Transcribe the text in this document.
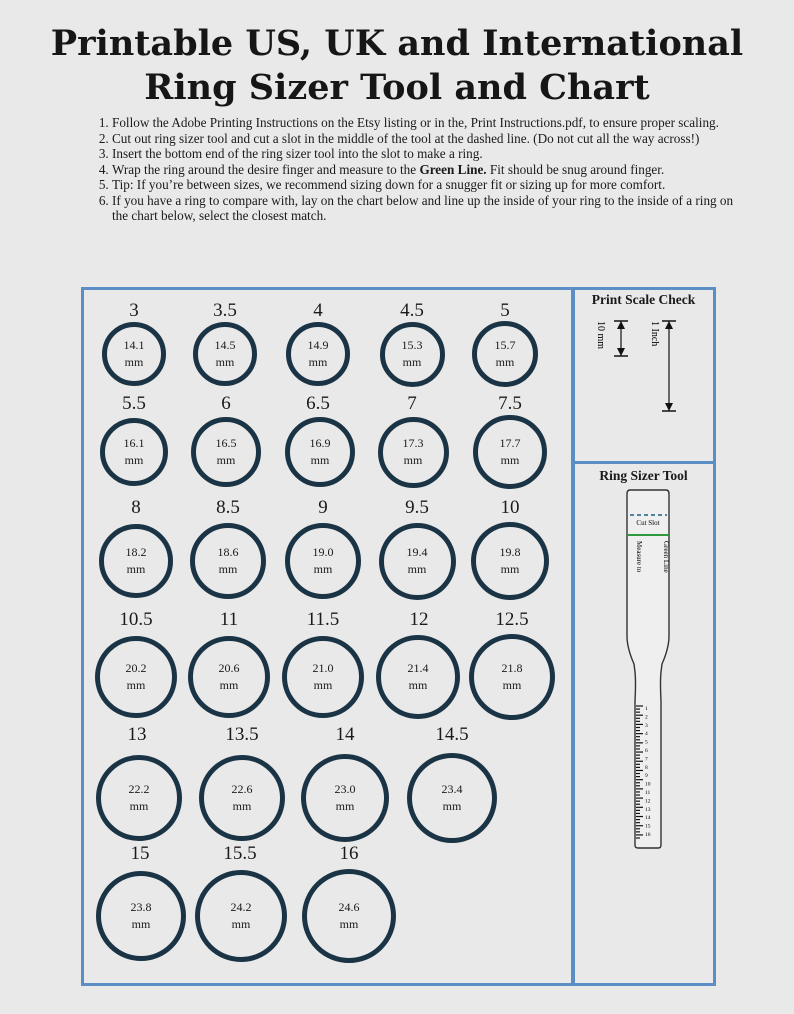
Printable US, UK and International Ring Sizer Tool and Chart
1. Follow the Adobe Printing Instructions on the Etsy listing or in the, Print Instructions.pdf, to ensure proper scaling.
2. Cut out ring sizer tool and cut a slot in the middle of the tool at the dashed line. (Do not cut all the way across!)
3. Insert the bottom end of the ring sizer tool into the slot to make a ring.
4. Wrap the ring around the desire finger and measure to the Green Line. Fit should be snug around finger.
5. Tip: If you’re between sizes, we recommend sizing down for a snugger fit or sizing up for more comfort.
6. If you have a ring to compare with, lay on the chart below and line up the inside of your ring to the inside of a ring on the chart below, select the closest match.
3
14.1
mm
3.5
14.5
mm
4
14.9
mm
4.5
15.3
mm
5
15.7
mm
5.5
16.1
mm
6
16.5
mm
6.5
16.9
mm
7
17.3
mm
7.5
17.7
mm
8
18.2
mm
8.5
18.6
mm
9
19.0
mm
9.5
19.4
mm
10
19.8
mm
10.5
20.2
mm
11
20.6
mm
11.5
21.0
mm
12
21.4
mm
12.5
21.8
mm
13
22.2
mm
13.5
22.6
mm
14
23.0
mm
14.5
23.4
mm
15
23.8
mm
15.5
24.2
mm
16
24.6
mm
Print Scale Check
10 mm	1 Inch
Ring Sizer Tool
Cut Slot
Measure to	Green Line
1
2
3
4
5
6
7
8
9
10
11
12
13
14
15
16
